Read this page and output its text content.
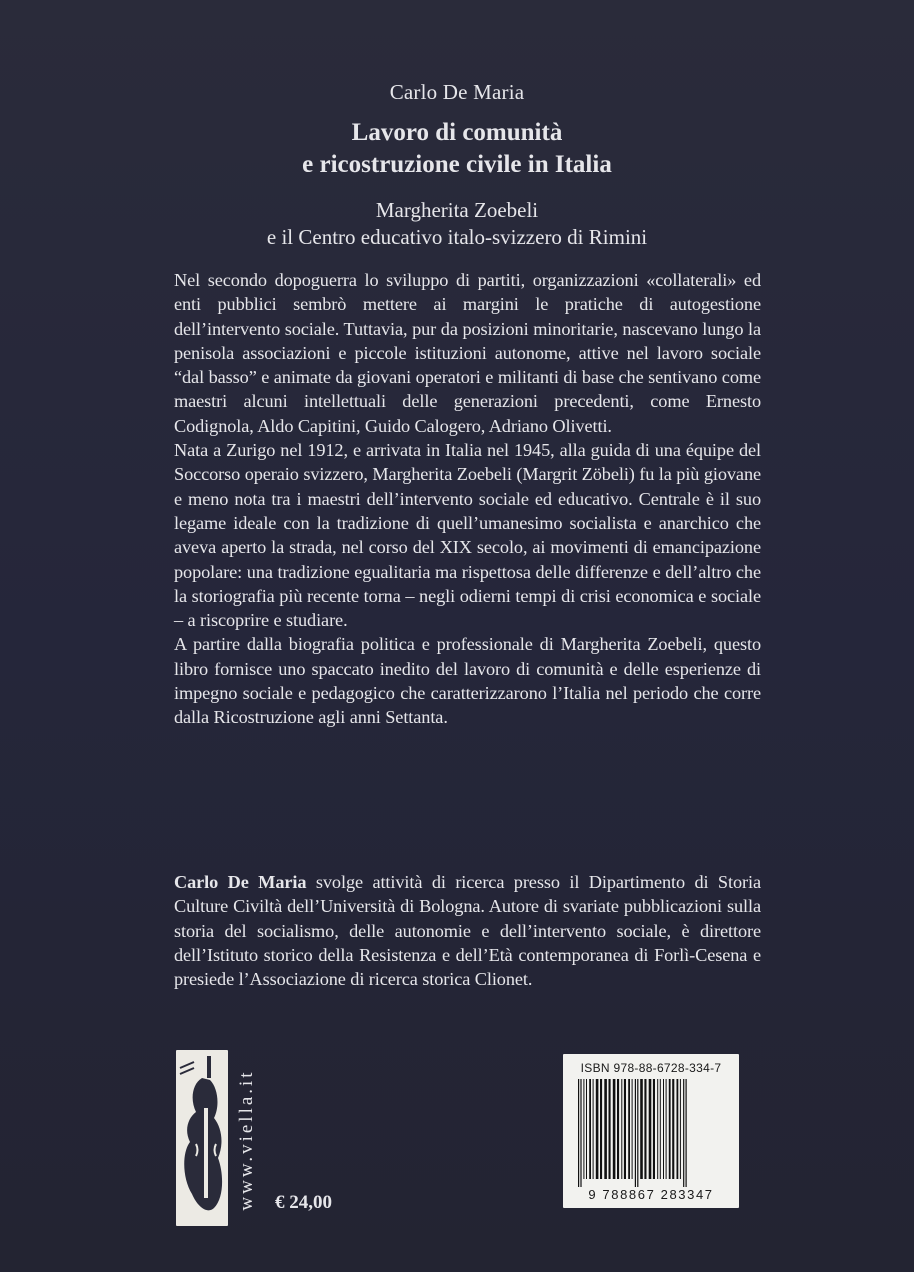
Carlo De Maria
Lavoro di comunità
e ricostruzione civile in Italia
Margherita Zoebeli
e il Centro educativo italo-svizzero di Rimini

Nel secondo dopoguerra lo sviluppo di partiti, organizzazioni «collaterali» ed enti pubblici sembrò mettere ai margini le pratiche di autogestione dell’intervento sociale. Tuttavia, pur da posizioni minoritarie, nascevano lungo la penisola associazioni e piccole istituzioni autonome, attive nel lavoro sociale “dal basso” e animate da giovani operatori e militanti di base che sentivano come maestri alcuni intellettuali delle generazioni precedenti, come Ernesto Codignola, Aldo Capitini, Guido Calogero, Adriano Olivetti.

Nata a Zurigo nel 1912, e arrivata in Italia nel 1945, alla guida di una équipe del Soccorso operaio svizzero, Margherita Zoebeli (Margrit Zöbeli) fu la più giovane e meno nota tra i maestri dell’intervento sociale ed educativo. Centrale è il suo legame ideale con la tradizione di quell’umanesimo socialista e anarchico che aveva aperto la strada, nel corso del XIX secolo, ai movimenti di emancipazione popolare: una tradizione egualitaria ma rispettosa delle differenze e dell’altro che la storiografia più recente torna – negli odierni tempi di crisi economica e sociale – a riscoprire e studiare.

A partire dalla biografia politica e professionale di Margherita Zoebeli, questo libro fornisce uno spaccato inedito del lavoro di comunità e delle esperienze di impegno sociale e pedagogico che caratterizzarono l’Italia nel periodo che corre dalla Ricostruzione agli anni Settanta.

Carlo De Maria svolge attività di ricerca presso il Dipartimento di Storia Culture Civiltà dell’Università di Bologna. Autore di svariate pubblicazioni sulla storia del socialismo, delle autonomie e dell’intervento sociale, è direttore dell’Istituto storico della Resistenza e dell’Età contemporanea di Forlì-Cesena e presiede l’Associazione di ricerca storica Clionet.

www.viella.it € 24,00
ISBN 978-88-6728-334-7
9 788867 283347
